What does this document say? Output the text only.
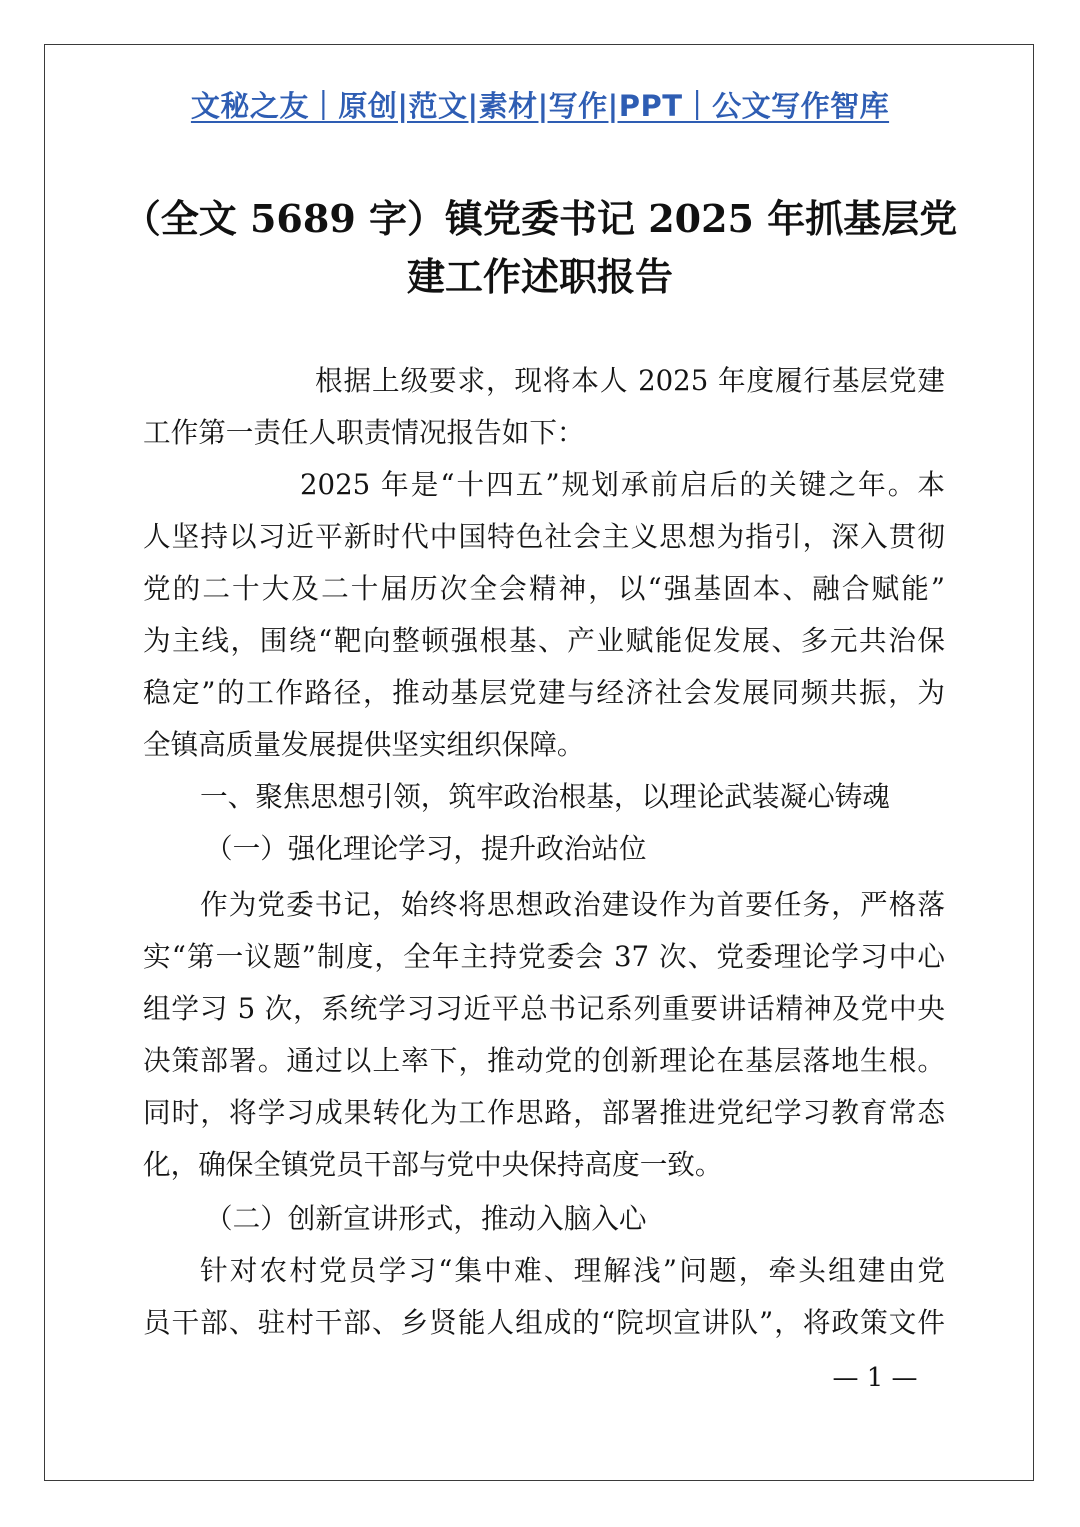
文秘之友｜原创|范文|素材|写作|PPT｜公文写作智库
（全文 5689 字）镇党委书记 2025 年抓基层党
建工作述职报告
根据上级要求，现将本人 2025 年度履行基层党建
工作第一责任人职责情况报告如下：
2025 年是“十四五”规划承前启后的关键之年。本
人坚持以习近平新时代中国特色社会主义思想为指引，深入贯彻
党的二十大及二十届历次全会精神，以“强基固本、融合赋能”
为主线，围绕“靶向整顿强根基、产业赋能促发展、多元共治保
稳定”的工作路径，推动基层党建与经济社会发展同频共振，为
全镇高质量发展提供坚实组织保障。
一、聚焦思想引领，筑牢政治根基，以理论武装凝心铸魂
（一）强化理论学习，提升政治站位
作为党委书记，始终将思想政治建设作为首要任务，严格落
实“第一议题”制度，全年主持党委会 37 次、党委理论学习中心
组学习 5 次，系统学习习近平总书记系列重要讲话精神及党中央
决策部署。通过以上率下，推动党的创新理论在基层落地生根。
同时，将学习成果转化为工作思路，部署推进党纪学习教育常态
化，确保全镇党员干部与党中央保持高度一致。
（二）创新宣讲形式，推动入脑入心
针对农村党员学习“集中难、理解浅”问题，牵头组建由党
员干部、驻村干部、乡贤能人组成的“院坝宣讲队”，将政策文件
— 1 —
